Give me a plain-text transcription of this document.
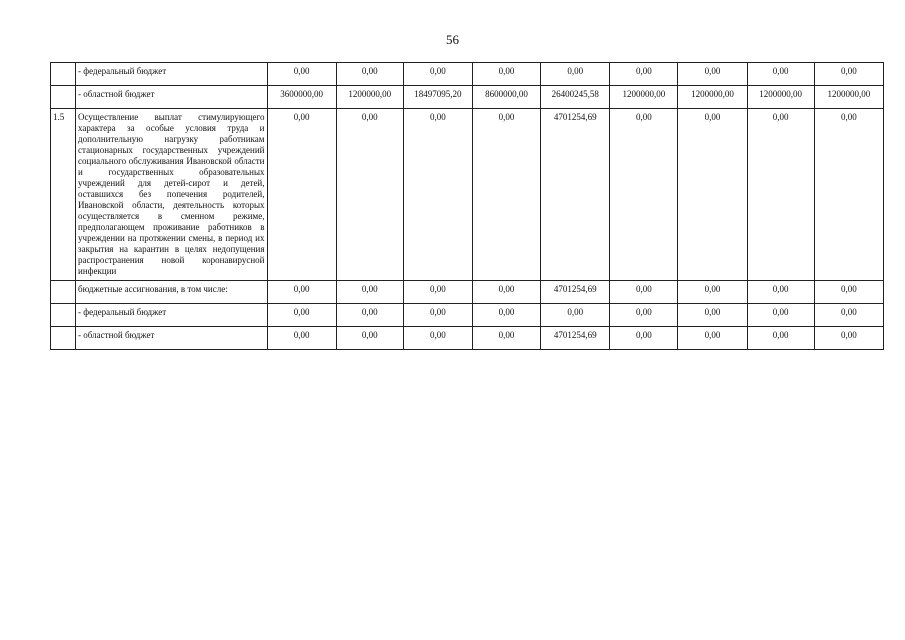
56
	- федеральный бюджет	0,00	0,00	0,00	0,00	0,00	0,00	0,00	0,00	0,00
	- областной бюджет	3600000,00	1200000,00	18497095,20	8600000,00	26400245,58	1200000,00	1200000,00	1200000,00	1200000,00
1.5	Осуществление выплат стимулирующего характера за особые условия труда и дополнительную нагрузку работникам стационарных государственных учреждений социального обслуживания Ивановской области и государственных образовательных учреждений для детей-сирот и детей, оставшихся без попечения родителей, Ивановской области, деятельность которых осуществляется в сменном режиме, предполагающем проживание работников в учреждении на протяжении смены, в период их закрытия на карантин в целях недопущения распространения новой коронавирусной инфекции	0,00	0,00	0,00	0,00	4701254,69	0,00	0,00	0,00	0,00
	бюджетные ассигнования, в том числе:	0,00	0,00	0,00	0,00	4701254,69	0,00	0,00	0,00	0,00
	- федеральный бюджет	0,00	0,00	0,00	0,00	0,00	0,00	0,00	0,00	0,00
	- областной бюджет	0,00	0,00	0,00	0,00	4701254,69	0,00	0,00	0,00	0,00
